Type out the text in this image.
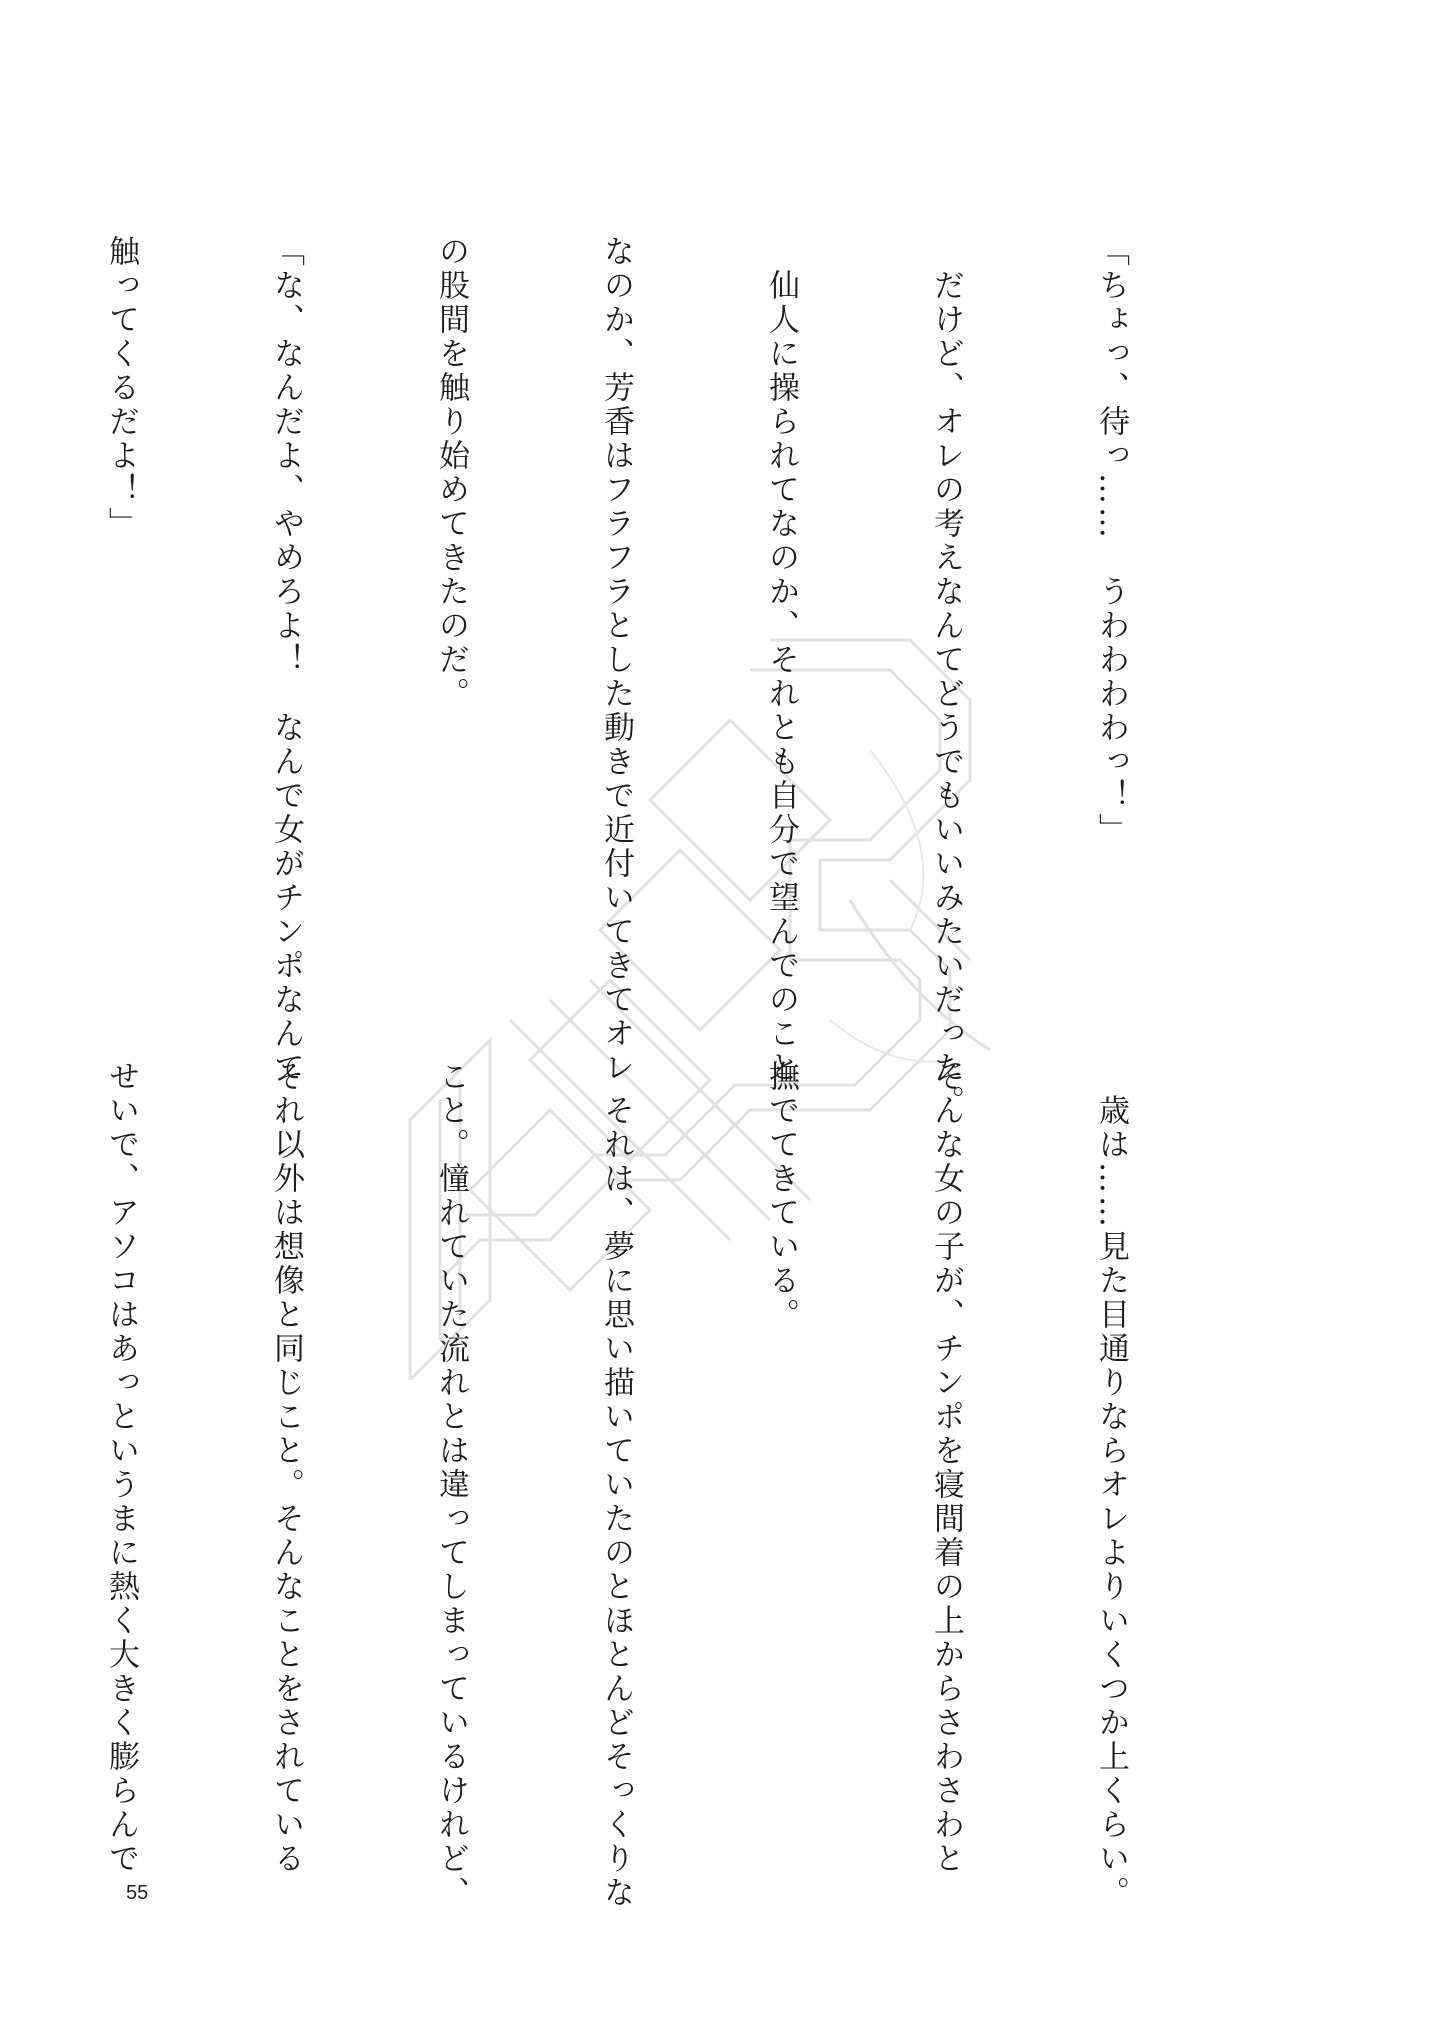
「ちょっ、待っ……　うわわわわっ！」

　だけど、オレの考えなんてどうでもいいみたいだった。

　仙人に操られてなのか、それとも自分で望んでのこと

なのか、芳香はフラフラとした動きで近付いてきてオレ

の股間を触り始めてきたのだ。

「な、なんだよ、やめろよ！　なんで女がチンポなんて

触ってくるだよ！」

　歳は……見た目通りならオレよりいくつか上くらい。

そんな女の子が、チンポを寝間着の上からさわさわと

撫でてきている。

　それは、夢に思い描いていたのとほとんどそっくりな

こと。憧れていた流れとは違ってしまっているけれど、

それ以外は想像と同じこと。そんなことをされている

せいで、アソコはあっというまに熱く大きく膨らんで

55
